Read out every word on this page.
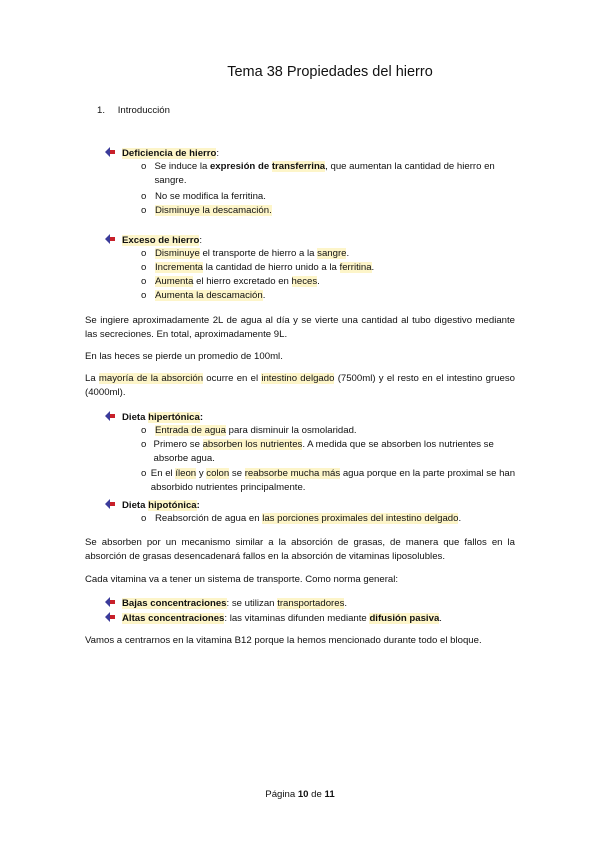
Tema 38 Propiedades del hierro
1. Introducción
Deficiencia de hierro:
o Se induce la expresión de transferrina, que aumentan la cantidad de hierro en sangre.
o No se modifica la ferritina.
o Disminuye la descamación.
Exceso de hierro:
o Disminuye el transporte de hierro a la sangre.
o Incrementa la cantidad de hierro unido a la ferritina.
o Aumenta el hierro excretado en heces.
o Aumenta la descamación.
Se ingiere aproximadamente 2L de agua al día y se vierte una cantidad al tubo digestivo mediante las secreciones. En total, aproximadamente 9L.
En las heces se pierde un promedio de 100ml.
La mayoría de la absorción ocurre en el intestino delgado (7500ml) y el resto en el intestino grueso (4000ml).
Dieta hipertónica:
o Entrada de agua para disminuir la osmolaridad.
o Primero se absorben los nutrientes. A medida que se absorben los nutrientes se absorbe agua.
o En el íleon y colon se reabsorbe mucha más agua porque en la parte proximal se han absorbido nutrientes principalmente.
Dieta hipotónica:
o Reabsorción de agua en las porciones proximales del intestino delgado.
Se absorben por un mecanismo similar a la absorción de grasas, de manera que fallos en la absorción de grasas desencadenará fallos en la absorción de vitaminas liposolubles.
Cada vitamina va a tener un sistema de transporte. Como norma general:
Bajas concentraciones: se utilizan transportadores.
Altas concentraciones: las vitaminas difunden mediante difusión pasiva.
Vamos a centrarnos en la vitamina B12 porque la hemos mencionado durante todo el bloque.
Página 10 de 11
